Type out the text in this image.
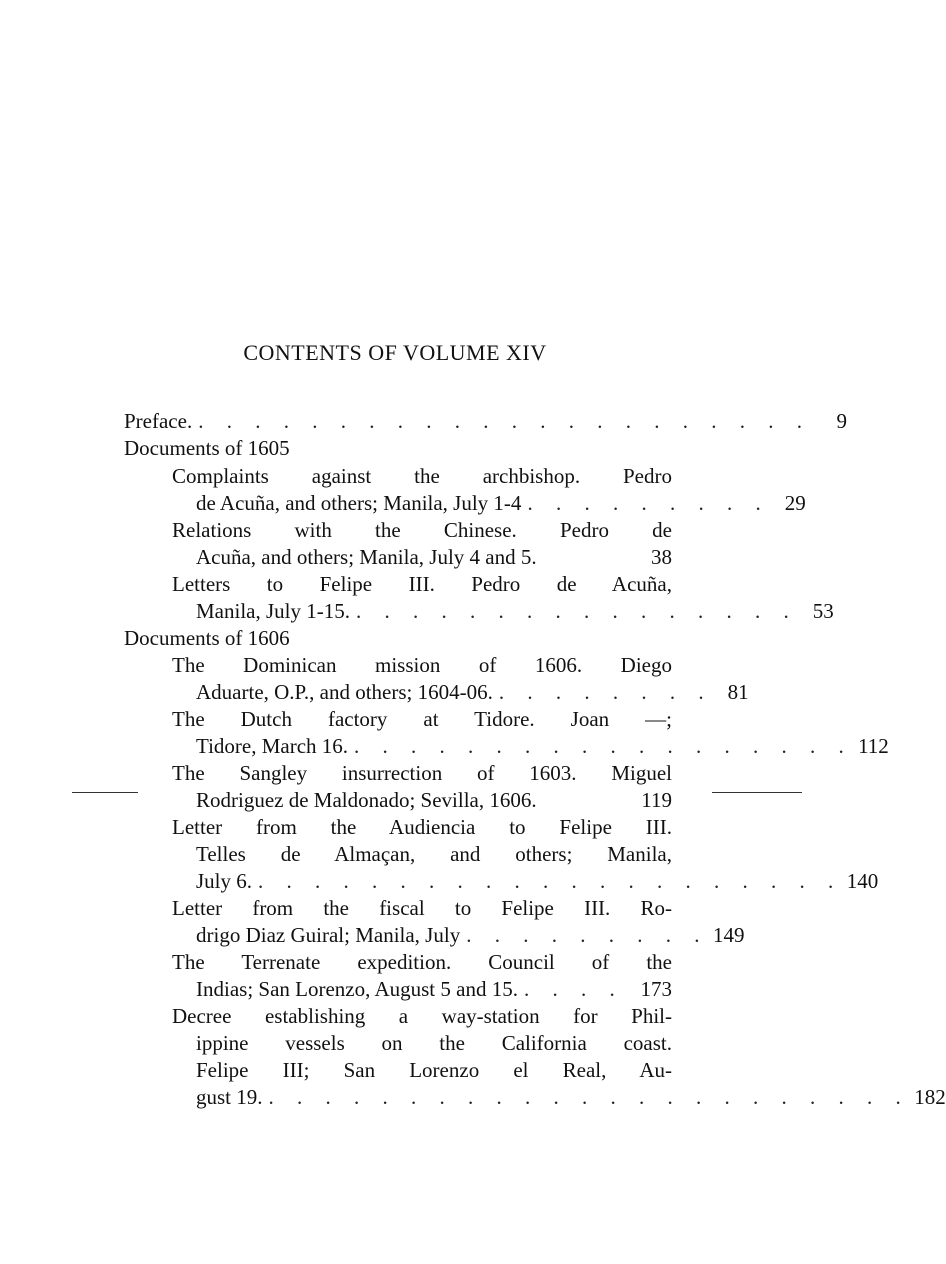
CONTENTS OF VOLUME XIV
Preface. . . . . . . . . . . . . . . . . . . . . . .	9
Documents of 1605
Complaints against the archbishop. Pedro
de Acuña, and others; Manila, July 1-4 . . . . . . . . . 29
Relations with the Chinese. Pedro de
Acuña, and others; Manila, July 4 and 5.	38
Letters to Felipe III. Pedro de Acuña,
Manila, July 1-15. . . . . . . . . . . . . . . . . 53
Documents of 1606
The Dominican mission of 1606. Diego
Aduarte, O.P., and others; 1604-06. . . . . . . . . 81
The Dutch factory at Tidore. Joan —;
Tidore, March 16. . . . . . . . . . . . . . . . . . . 112
The Sangley insurrection of 1603. Miguel
Rodriguez de Maldonado; Sevilla, 1606.	119
Letter from the Audiencia to Felipe III.
Telles de Almaçan, and others; Manila,
July 6. . . . . . . . . . . . . . . . . . . . . . 140
Letter from the fiscal to Felipe III. Ro-
drigo Diaz Guiral; Manila, July . . . . . . . . . 149
The Terrenate expedition. Council of the
Indias; San Lorenzo, August 5 and 15. . . . . 173
Decree establishing a way-station for Phil-
ippine vessels on the California coast.
Felipe III; San Lorenzo el Real, Au-
gust 19. . . . . . . . . . . . . . . . . . . . . . . . 182
